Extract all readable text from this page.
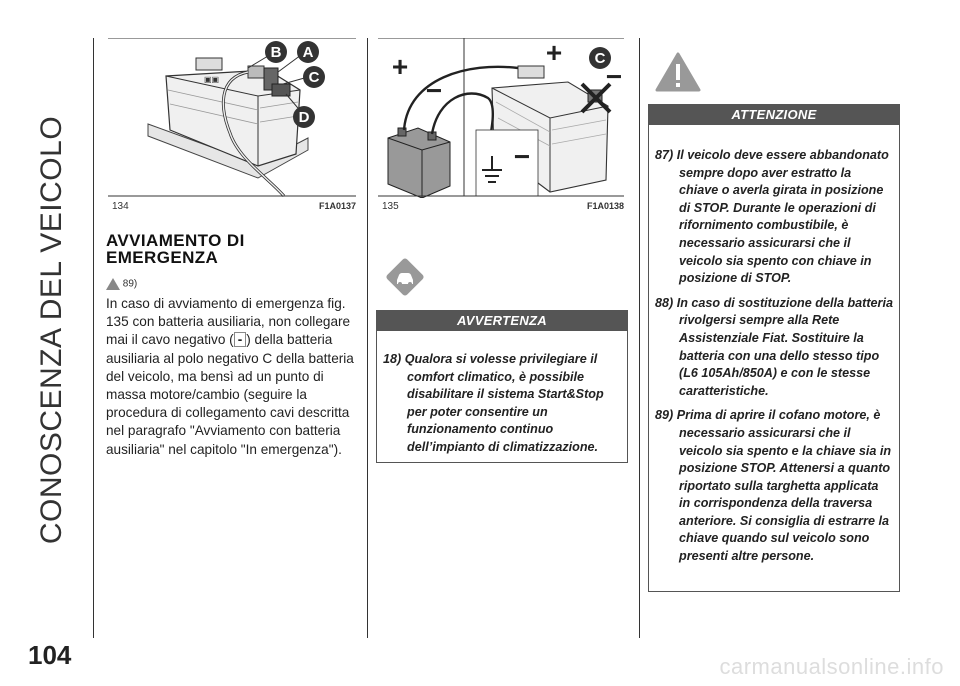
CONOSCENZA DEL VEICOLO
▣▣
B A
C
D
134	F1A0137
+
−
+ C
−
−
135	F1A0138
AVVIAMENTO DI
EMERGENZA
89)
In caso di avviamento di emergenza fig. 135 con batteria ausiliaria, non collegare mai il cavo negativo ( - ) della batteria ausiliaria al polo negativo C della batteria del veicolo, ma bensì ad un punto di massa motore/cambio (seguire la procedura di collegamento cavi descritta nel paragrafo "Avviamento con batteria ausiliaria" nel capitolo "In emergenza").
AVVERTENZA
18) Qualora si volesse privilegiare il comfort climatico, è possibile disabilitare il sistema Start&Stop per poter consentire un funzionamento continuo dell’impianto di climatizzazione.
ATTENZIONE
87) Il veicolo deve essere abbandonato sempre dopo aver estratto la chiave o averla girata in posizione di STOP. Durante le operazioni di rifornimento combustibile, è necessario assicurarsi che il veicolo sia spento con chiave in posizione di STOP.
88) In caso di sostituzione della batteria rivolgersi sempre alla Rete Assistenziale Fiat. Sostituire la batteria con una dello stesso tipo (L6 105Ah/850A) e con le stesse caratteristiche.
89) Prima di aprire il cofano motore, è necessario assicurarsi che il veicolo sia spento e la chiave sia in posizione STOP. Attenersi a quanto riportato sulla targhetta applicata in corrispondenza della traversa anteriore. Si consiglia di estrarre la chiave quando sul veicolo sono presenti altre persone.
104	carmanualsonline.info
